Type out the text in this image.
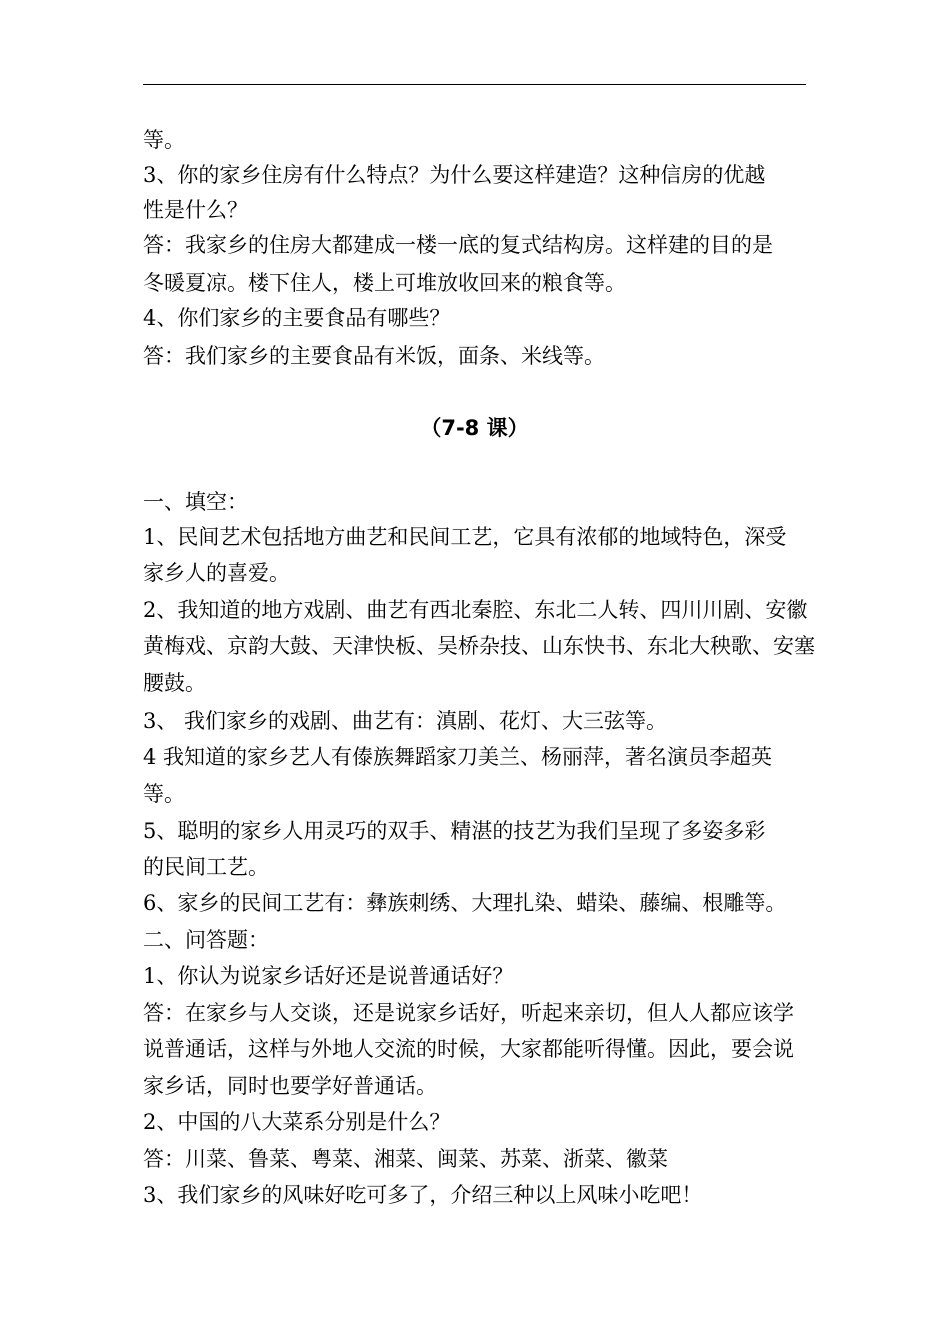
等。
3、你的家乡住房有什么特点？为什么要这样建造？这种信房的优越
性是什么？
答：我家乡的住房大都建成一楼一底的复式结构房。这样建的目的是
冬暖夏凉。楼下住人，楼上可堆放收回来的粮食等。
4、你们家乡的主要食品有哪些？
答：我们家乡的主要食品有米饭，面条、米线等。
（7-8 课）
一、填空：
1、民间艺术包括地方曲艺和民间工艺，它具有浓郁的地域特色，深受
家乡人的喜爱。
2、我知道的地方戏剧、曲艺有西北秦腔、东北二人转、四川川剧、安徽
黄梅戏、京韵大鼓、天津快板、吴桥杂技、山东快书、东北大秧歌、安塞
腰鼓。
3、 我们家乡的戏剧、曲艺有：滇剧、花灯、大三弦等。
4 我知道的家乡艺人有傣族舞蹈家刀美兰、杨丽萍，著名演员李超英
等。
5、聪明的家乡人用灵巧的双手、精湛的技艺为我们呈现了多姿多彩
的民间工艺。
6、家乡的民间工艺有：彝族刺绣、大理扎染、蜡染、藤编、根雕等。
二、问答题：
1、你认为说家乡话好还是说普通话好？
答：在家乡与人交谈，还是说家乡话好，听起来亲切，但人人都应该学
说普通话，这样与外地人交流的时候，大家都能听得懂。因此，要会说
家乡话，同时也要学好普通话。
2、中国的八大菜系分别是什么？
答：川菜、鲁菜、粤菜、湘菜、闽菜、苏菜、浙菜、徽菜
3、我们家乡的风味好吃可多了，介绍三种以上风味小吃吧！
